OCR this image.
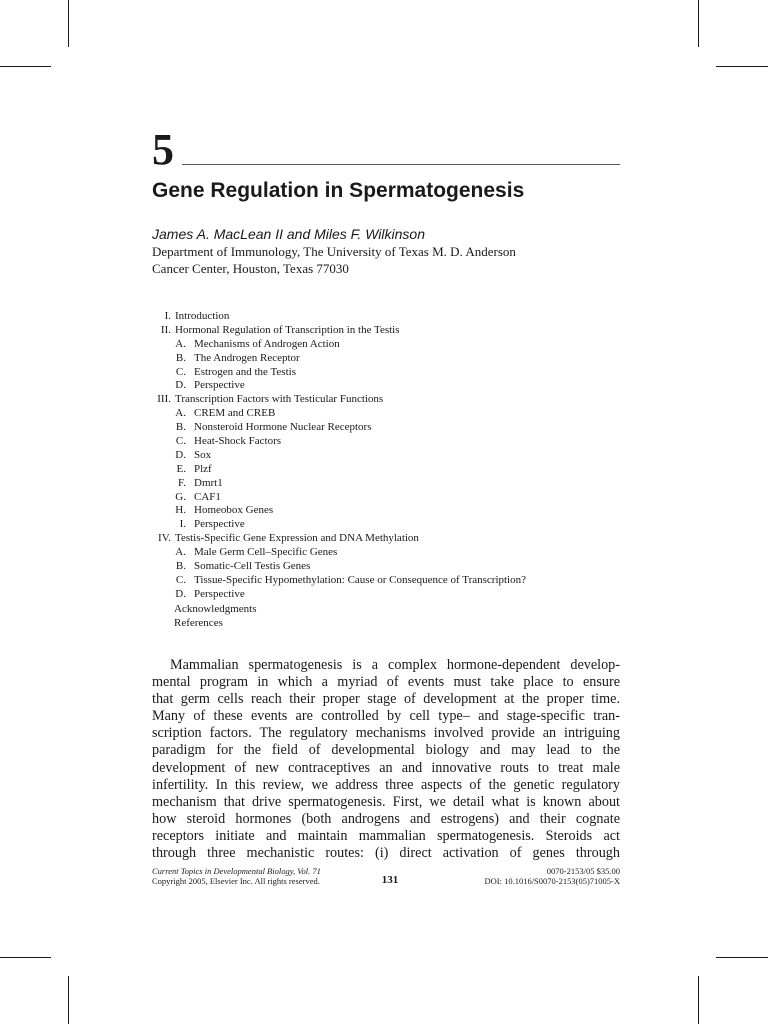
5
Gene Regulation in Spermatogenesis
James A. MacLean II and Miles F. Wilkinson
Department of Immunology, The University of Texas M. D. Anderson
Cancer Center, Houston, Texas 77030
I. Introduction
II. Hormonal Regulation of Transcription in the Testis
A. Mechanisms of Androgen Action
B. The Androgen Receptor
C. Estrogen and the Testis
D. Perspective
III. Transcription Factors with Testicular Functions
A. CREM and CREB
B. Nonsteroid Hormone Nuclear Receptors
C. Heat-Shock Factors
D. Sox
E. Plzf
F. Dmrt1
G. CAF1
H. Homeobox Genes
I. Perspective
IV. Testis-Specific Gene Expression and DNA Methylation
A. Male Germ Cell–Specific Genes
B. Somatic-Cell Testis Genes
C. Tissue-Specific Hypomethylation: Cause or Consequence of Transcription?
D. Perspective
Acknowledgments
References
Mammalian spermatogenesis is a complex hormone-dependent develop-
mental program in which a myriad of events must take place to ensure
that germ cells reach their proper stage of development at the proper time.
Many of these events are controlled by cell type– and stage-specific tran-
scription factors. The regulatory mechanisms involved provide an intriguing
paradigm for the field of developmental biology and may lead to the
development of new contraceptives an and innovative routs to treat male
infertility. In this review, we address three aspects of the genetic regulatory
mechanism that drive spermatogenesis. First, we detail what is known about
how steroid hormones (both androgens and estrogens) and their cognate
receptors initiate and maintain mammalian spermatogenesis. Steroids act
through three mechanistic routes: (i) direct activation of genes through
Current Topics in Developmental Biology, Vol. 71
Copyright 2005, Elsevier Inc. All rights reserved.	131
0070-2153/05 $35.00
DOI: 10.1016/S0070-2153(05)71005-X
